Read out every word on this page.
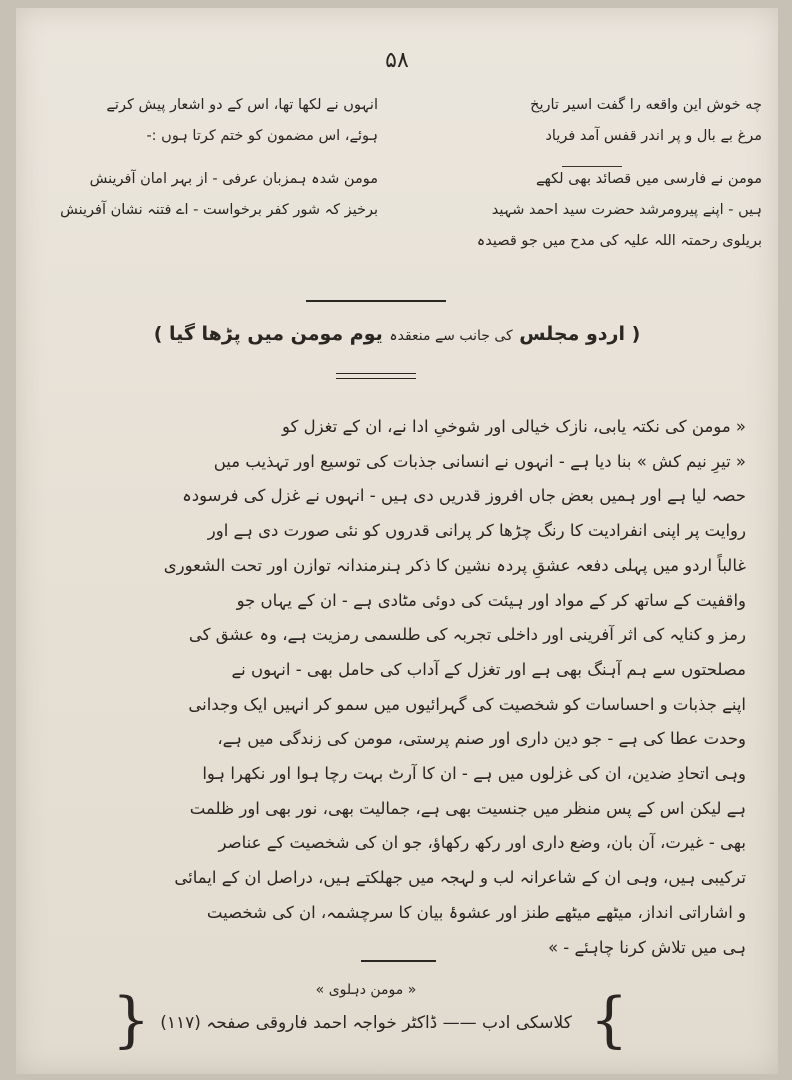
۵۸
چه خوش این واقعه را گفت اسیر تاریخ
مرغ بے بال و پر اندر قفس آمد فریاد
مومن نے فارسی میں قصائد بھی لکھے
ہیں - اپنے پیرومرشد حضرت سید احمد شہید
بریلوی رحمتہ اللہ علیہ کی مدح میں جو قصیدہ
انہوں نے لکھا تھا، اس کے دو اشعار پیش کرتے
ہوئے، اس مضمون کو ختم کرتا ہوں :-
مومن شدہ ہمزبان عرفی - از بہر امان آفرینش
برخیز کہ شور کفر برخواست - اے فتنہ نشان آفرینش
( اردو مجلس کی جانب سے منعقدہ یوم مومن میں پڑھا گیا )
« مومن کی نکتہ یابی، نازک خیالی اور شوخیِ ادا نے، ان کے تغزل کو
« تیرِ نیم کش » بنا دیا ہے - انہوں نے انسانی جذبات کی توسیع اور تہذیب میں
حصہ لیا ہے اور ہمیں بعض جاں افروز قدریں دی ہیں - انہوں نے غزل کی فرسودہ
روایت پر اپنی انفرادیت کا رنگ چڑھا کر پرانی قدروں کو نئی صورت دی ہے اور
غالباً اردو میں پہلی دفعہ عشقِ پردہ نشین کا ذکر ہنرمندانہ توازن اور تحت الشعوری
واقفیت کے ساتھ کر کے مواد اور ہیئت کی دوئی مٹادی ہے - ان کے یہاں جو
رمز و کنایہ کی اثر آفرینی اور داخلی تجربہ کی طلسمی رمزیت ہے، وہ عشق کی
مصلحتوں سے ہم آہنگ بھی ہے اور تغزل کے آداب کی حامل بھی - انہوں نے
اپنے جذبات و احساسات کو شخصیت کی گہرائیوں میں سمو کر انہیں ایک وجدانی
وحدت عطا کی ہے - جو دین داری اور صنم پرستی، مومن کی زندگی میں ہے،
وہی اتحادِ ضدین، ان کی غزلوں میں ہے - ان کا آرٹ بہت رچا ہوا اور نکھرا ہوا
ہے لیکن اس کے پس منظر میں جنسیت بھی ہے، جمالیت بھی، نور بھی اور ظلمت
بھی - غیرت، آن بان، وضع داری اور رکھ رکھاؤ، جو ان کی شخصیت کے عناصر
ترکیبی ہیں، وہی ان کے شاعرانہ لب و لہجہ میں جھلکتے ہیں، دراصل ان کے ایمائی
و اشاراتی انداز، میٹھے میٹھے طنز اور عشوۂ بیان کا سرچشمہ، ان کی شخصیت
ہی میں تلاش کرنا چاہئے - »
}	« مومن دہلوی »
کلاسکی ادب —— ڈاکٹر خواجہ احمد فاروقی صفحہ (١١٧) {
